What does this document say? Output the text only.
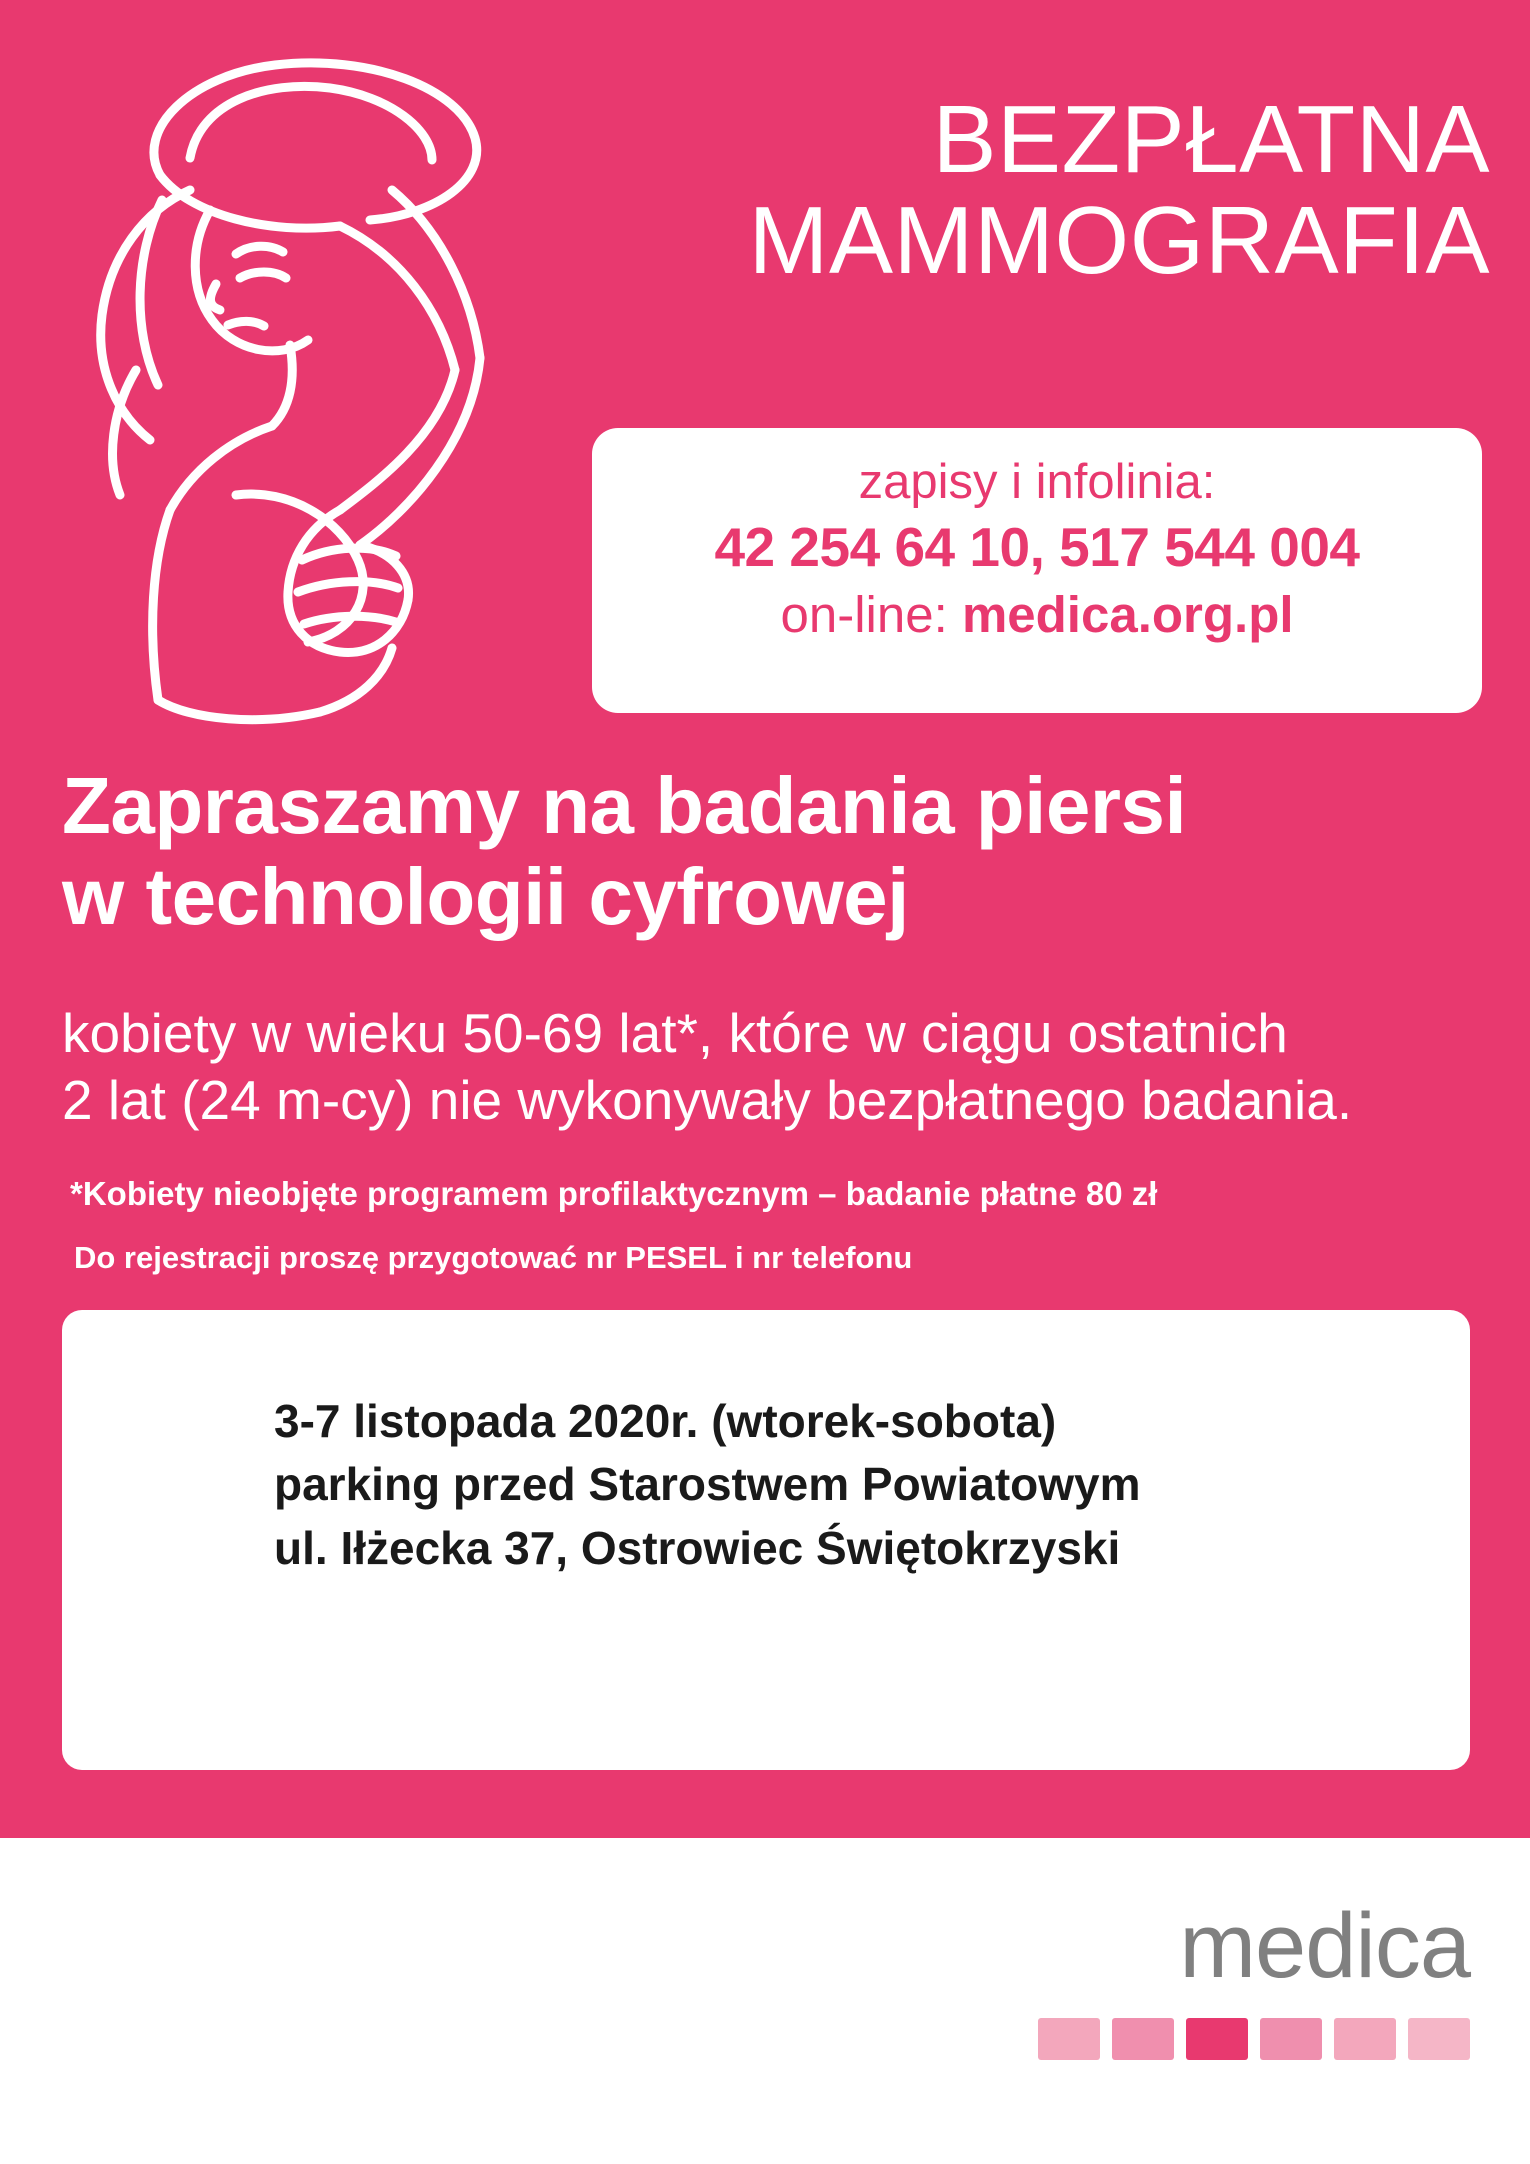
BEZPŁATNA
MAMMOGRAFIA
zapisy i infolinia:
42 254 64 10, 517 544 004
on-line: medica.org.pl
Zapraszamy na badania piersi
w technologii cyfrowej
kobiety w wieku 50-69 lat*, które w ciągu ostatnich
2 lat (24 m-cy) nie wykonywały bezpłatnego badania.
*Kobiety nieobjęte programem profilaktycznym – badanie płatne 80 zł
Do rejestracji proszę przygotować nr PESEL i nr telefonu
3-7 listopada 2020r. (wtorek-sobota)
parking przed Starostwem Powiatowym
ul. Iłżecka 37, Ostrowiec Świętokrzyski
medica
